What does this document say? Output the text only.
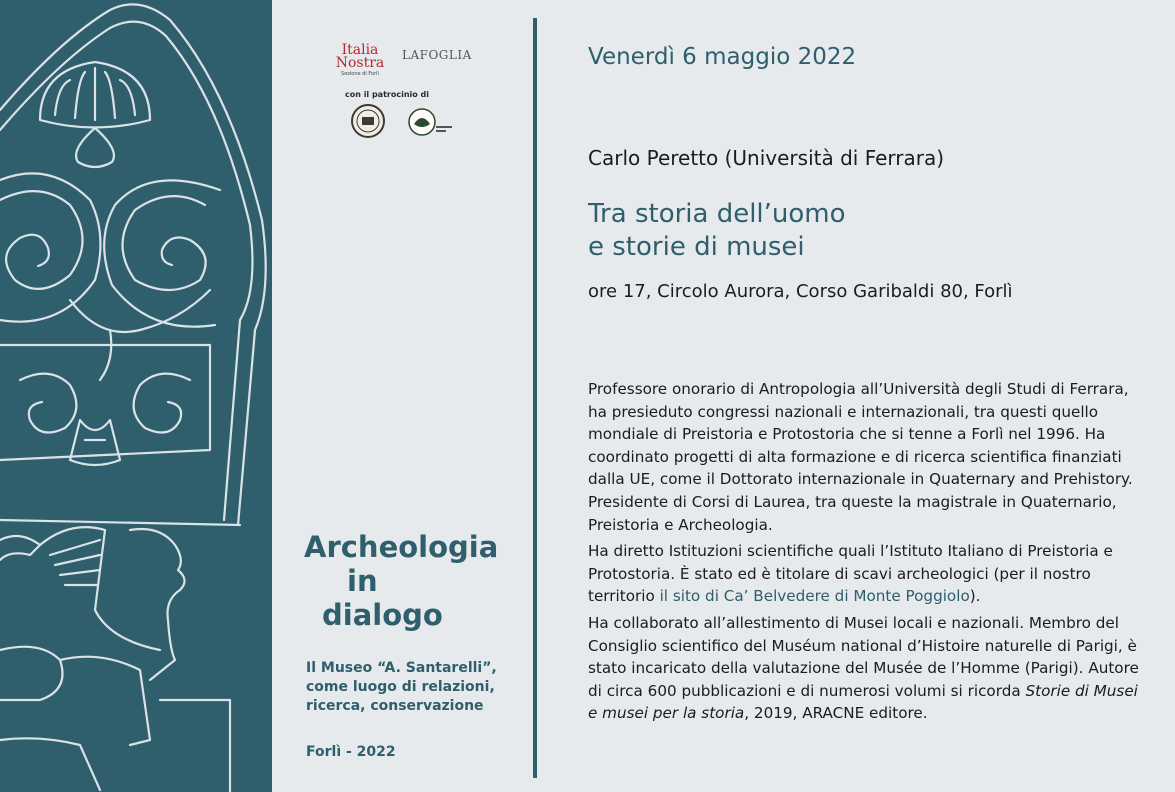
Italia
Nostra
Sezione di Forlì
LAFOGLIA
con il patrocinio di
Archeologia
in
dialogo
Il Museo “A. Santarelli”, come luogo di relazioni, ricerca, conservazione
Forlì - 2022
Venerdì 6 maggio 2022
Carlo Peretto (Università di Ferrara)
Tra storia dell’uomo
e storie di musei
ore 17, Circolo Aurora, Corso Garibaldi 80, Forlì

Professore onorario di Antropologia all’Università degli Studi di Ferrara, ha presieduto congressi nazionali e internazionali, tra questi quello mondiale di Preistoria e Protostoria che si tenne a Forlì nel 1996. Ha coordinato progetti di alta formazione e di ricerca scientifica finanziati dalla UE, come il Dottorato internazionale in Quaternary and Prehistory. Presidente di Corsi di Laurea, tra queste la magistrale in Quaternario, Preistoria e Archeologia.

Ha diretto Istituzioni scientifiche quali l’Istituto Italiano di Preistoria e Protostoria. È stato ed è titolare di scavi archeologici (per il nostro territorio il sito di Ca’ Belvedere di Monte Poggiolo).

Ha collaborato all’allestimento di Musei locali e nazionali. Membro del Consiglio scientifico del Muséum national d’Histoire naturelle di Parigi, è stato incaricato della valutazione del Musée de l’Homme (Parigi). Autore di circa 600 pubblicazioni e di numerosi volumi si ricorda Storie di Musei e musei per la storia, 2019, ARACNE editore.
